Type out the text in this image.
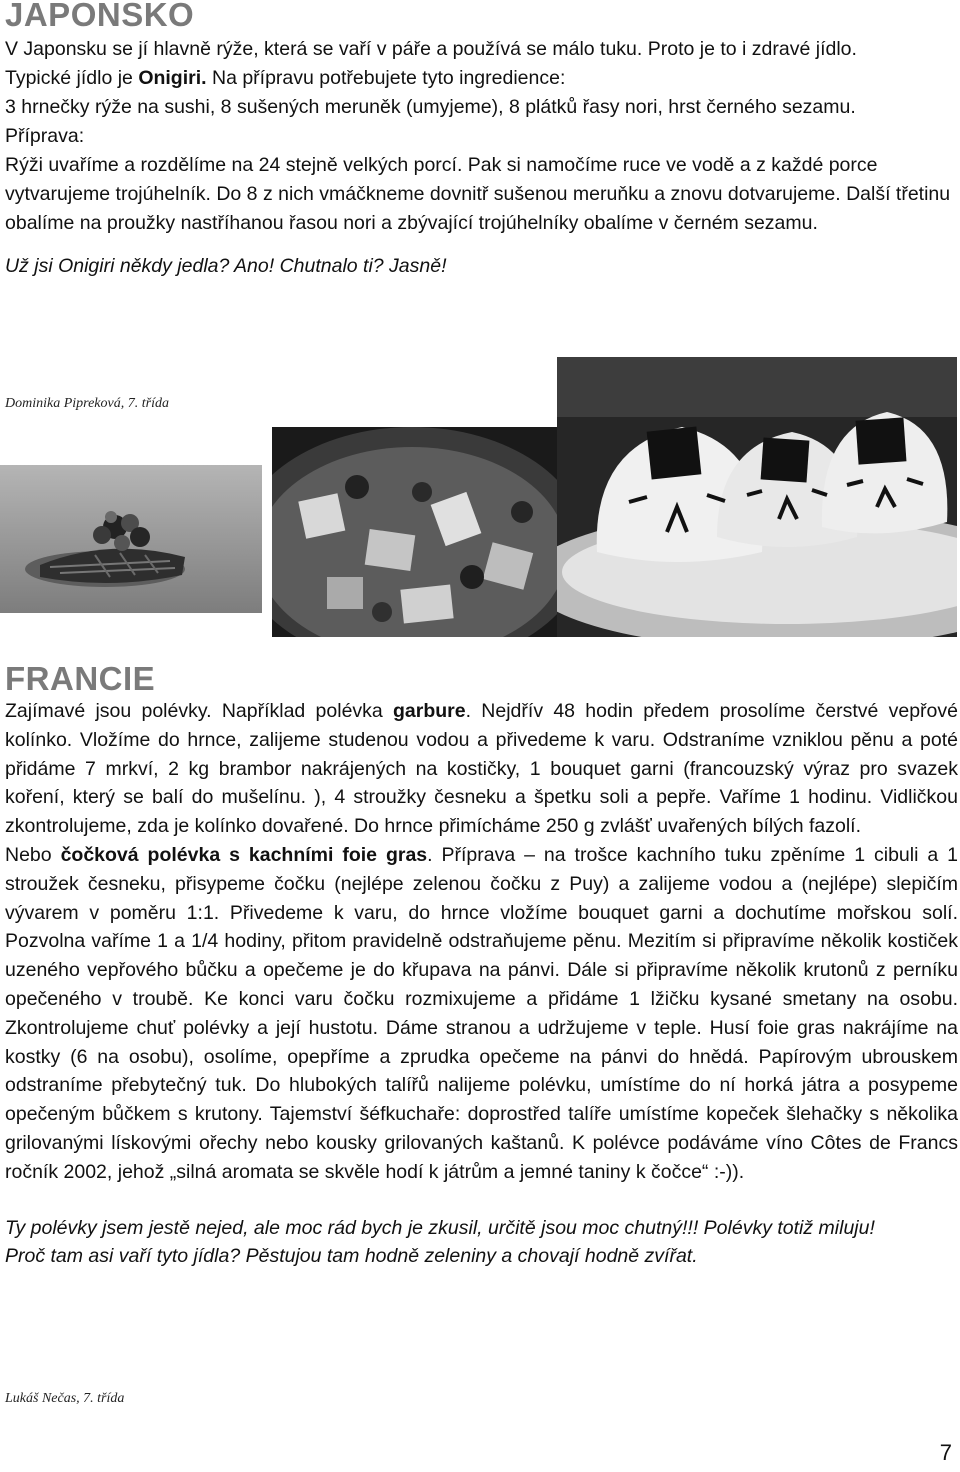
JAPONSKO

V Japonsku se jí hlavně rýže, která se vaří v páře a používá se málo tuku. Proto je to i zdravé jídlo.

Typické jídlo je Onigiri. Na přípravu potřebujete tyto ingredience:

3 hrnečky rýže na sushi, 8 sušených meruněk (umyjeme), 8 plátků řasy nori, hrst černého sezamu.

Příprava:

Rýži uvaříme a rozdělíme na 24 stejně velkých porcí. Pak si namočíme ruce ve vodě a z každé porce vytvarujeme trojúhelník. Do 8 z nich vmáčkneme dovnitř sušenou meruňku a znovu dotvarujeme. Další třetinu obalíme na proužky nastříhanou řasou nori a zbývající trojúhelníky obalíme v černém sezamu.

Už jsi Onigiri někdy jedla? Ano! Chutnalo ti? Jasně!

Dominika Pipreková, 7. třída
FRANCIE

Zajímavé jsou polévky. Například polévka garbure. Nejdřív 48 hodin předem prosolíme čerstvé vepřové kolínko. Vložíme do hrnce, zalijeme studenou vodou a přivedeme k varu. Odstraníme vzniklou pěnu a poté přidáme 7 mrkví, 2 kg brambor nakrájených na kostičky, 1 bouquet garni (francouzský výraz pro svazek koření, který se balí do mušelínu. ), 4 stroužky česneku a špetku soli a pepře. Vaříme 1 hodinu. Vidličkou zkontrolujeme, zda je kolínko dovařené. Do hrnce přimícháme 250 g zvlášť uvařených bílých fazolí.

Nebo čočková polévka s kachními foie gras. Příprava – na trošce kachního tuku zpěníme 1 cibuli a 1 stroužek česneku, přisypeme čočku (nejlépe zelenou čočku z Puy) a zalijeme vodou a (nejlépe) slepičím vývarem v poměru 1:1. Přivedeme k varu, do hrnce vložíme bouquet garni a dochutíme mořskou solí. Pozvolna vaříme 1 a 1/4 hodiny, přitom pravidelně odstraňujeme pěnu. Mezitím si připravíme několik kostiček uzeného vepřového bůčku a opečeme je do křupava na pánvi. Dále si připravíme několik krutonů z perníku opečeného v troubě. Ke konci varu čočku rozmixujeme a přidáme 1 lžičku kysané smetany na osobu. Zkontrolujeme chuť polévky a její hustotu. Dáme stranou a udržujeme v teple. Husí foie gras nakrájíme na kostky (6 na osobu), osolíme, opepříme a zprudka opečeme na pánvi do hnědá. Papírovým ubrouskem odstraníme přebytečný tuk. Do hlubokých talířů nalijeme polévku, umístíme do ní horká játra a posypeme opečeným bůčkem s krutony. Tajemství šéfkuchaře: doprostřed talíře umístíme kopeček šlehačky s několika grilovanými lískovými ořechy nebo kousky grilovaných kaštanů. K polévce podáváme víno Côtes de Francs ročník 2002, jehož „silná aromata se skvěle hodí k játrům a jemné taniny k čočce“ :-)).

Ty polévky jsem jestě nejed, ale moc rád bych je zkusil, určitě jsou moc chutný!!! Polévky totiž miluju!

Proč tam asi vaří tyto jídla? Pěstujou tam hodně zeleniny a chovají hodně zvířat.

Lukáš Nečas, 7. třída
7
